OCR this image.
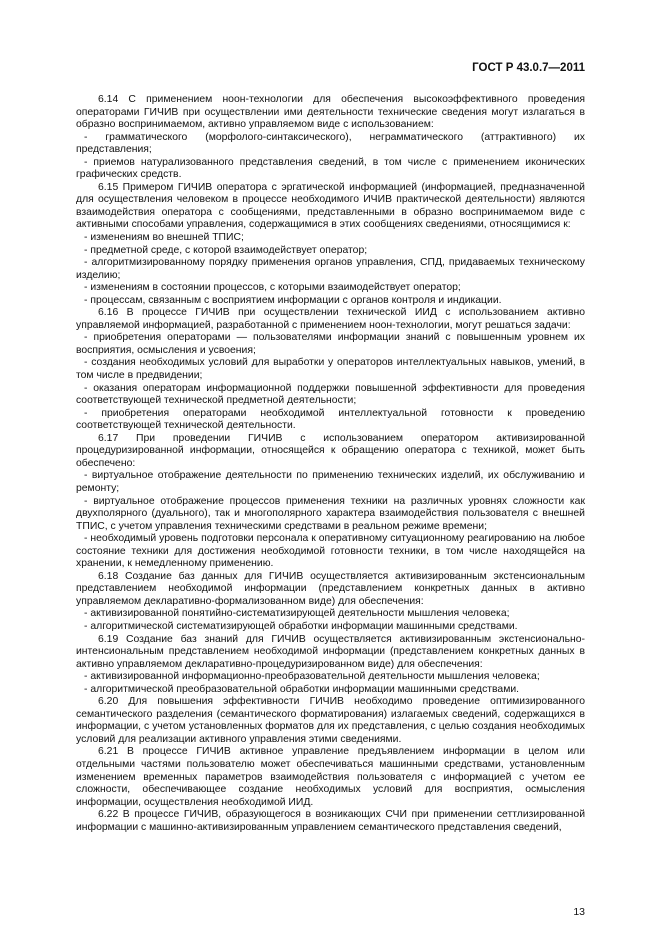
ГОСТ Р 43.0.7—2011

6.14 С применением ноон-технологии для обеспечения высокоэффективного проведения операторами ГИЧИВ при осуществлении ими деятельности технические сведения могут излагаться в образно воспринимаемом, активно управляемом виде с использованием:

- грамматического (морфолого-синтаксического), неграмматического (аттрактивного) их представления;

- приемов натурализованного представления сведений, в том числе с применением иконических графических средств.

6.15 Примером ГИЧИВ оператора с эргатической информацией (информацией, предназначенной для осуществления человеком в процессе необходимого ИЧИВ практической деятельности) являются взаимодействия оператора с сообщениями, представленными в образно воспринимаемом виде с активными способами управления, содержащимися в этих сообщениях сведениями, относящимися к:

- изменениям во внешней ТПИС;

- предметной среде, с которой взаимодействует оператор;

- алгоритмизированному порядку применения органов управления, СПД, придаваемых техническому изделию;

- изменениям в состоянии процессов, с которыми взаимодействует оператор;

- процессам, связанным с восприятием информации с органов контроля и индикации.

6.16 В процессе ГИЧИВ при осуществлении технической ИИД с использованием активно управляемой информацией, разработанной с применением ноон-технологии, могут решаться задачи:

- приобретения операторами — пользователями информации знаний с повышенным уровнем их восприятия, осмысления и усвоения;

- создания необходимых условий для выработки у операторов интеллектуальных навыков, умений, в том числе в предвидении;

- оказания операторам информационной поддержки повышенной эффективности для проведения соответствующей технической предметной деятельности;

- приобретения операторами необходимой интеллектуальной готовности к проведению соответствующей технической деятельности.

6.17 При проведении ГИЧИВ с использованием оператором активизированной процедуризированной информации, относящейся к обращению оператора с техникой, может быть обеспечено:

- виртуальное отображение деятельности по применению технических изделий, их обслуживанию и ремонту;

- виртуальное отображение процессов применения техники на различных уровнях сложности как двухполярного (дуального), так и многополярного характера взаимодействия пользователя с внешней ТПИС, с учетом управления техническими средствами в реальном режиме времени;

- необходимый уровень подготовки персонала к оперативному ситуационному реагированию на любое состояние техники для достижения необходимой готовности техники, в том числе находящейся на хранении, к немедленному применению.

6.18 Создание баз данных для ГИЧИВ осуществляется активизированным экстенсиональным представлением необходимой информации (представлением конкретных данных в активно управляемом декларативно-формализованном виде) для обеспечения:

- активизированной понятийно-систематизирующей деятельности мышления человека;

- алгоритмической систематизирующей обработки информации машинными средствами.

6.19 Создание баз знаний для ГИЧИВ осуществляется активизированным экстенсионально-интенсиональным представлением необходимой информации (представлением конкретных данных в активно управляемом декларативно-процедуризированном виде) для обеспечения:

- активизированной информационно-преобразовательной деятельности мышления человека;

- алгоритмической преобразовательной обработки информации машинными средствами.

6.20 Для повышения эффективности ГИЧИВ необходимо проведение оптимизированного семантического разделения (семантического форматирования) излагаемых сведений, содержащихся в информации, с учетом установленных форматов для их представления, с целью создания необходимых условий для реализации активного управления этими сведениями.

6.21 В процессе ГИЧИВ активное управление предъявлением информации в целом или отдельными частями пользователю может обеспечиваться машинными средствами, установленным изменением временных параметров взаимодействия пользователя с информацией с учетом ее сложности, обеспечивающее создание необходимых условий для восприятия, осмысления информации, осуществления необходимой ИИД.

6.22 В процессе ГИЧИВ, образующегося в возникающих СЧИ при применении сеттлизированной информации с машинно-активизированным управлением семантического представления сведений,

13
